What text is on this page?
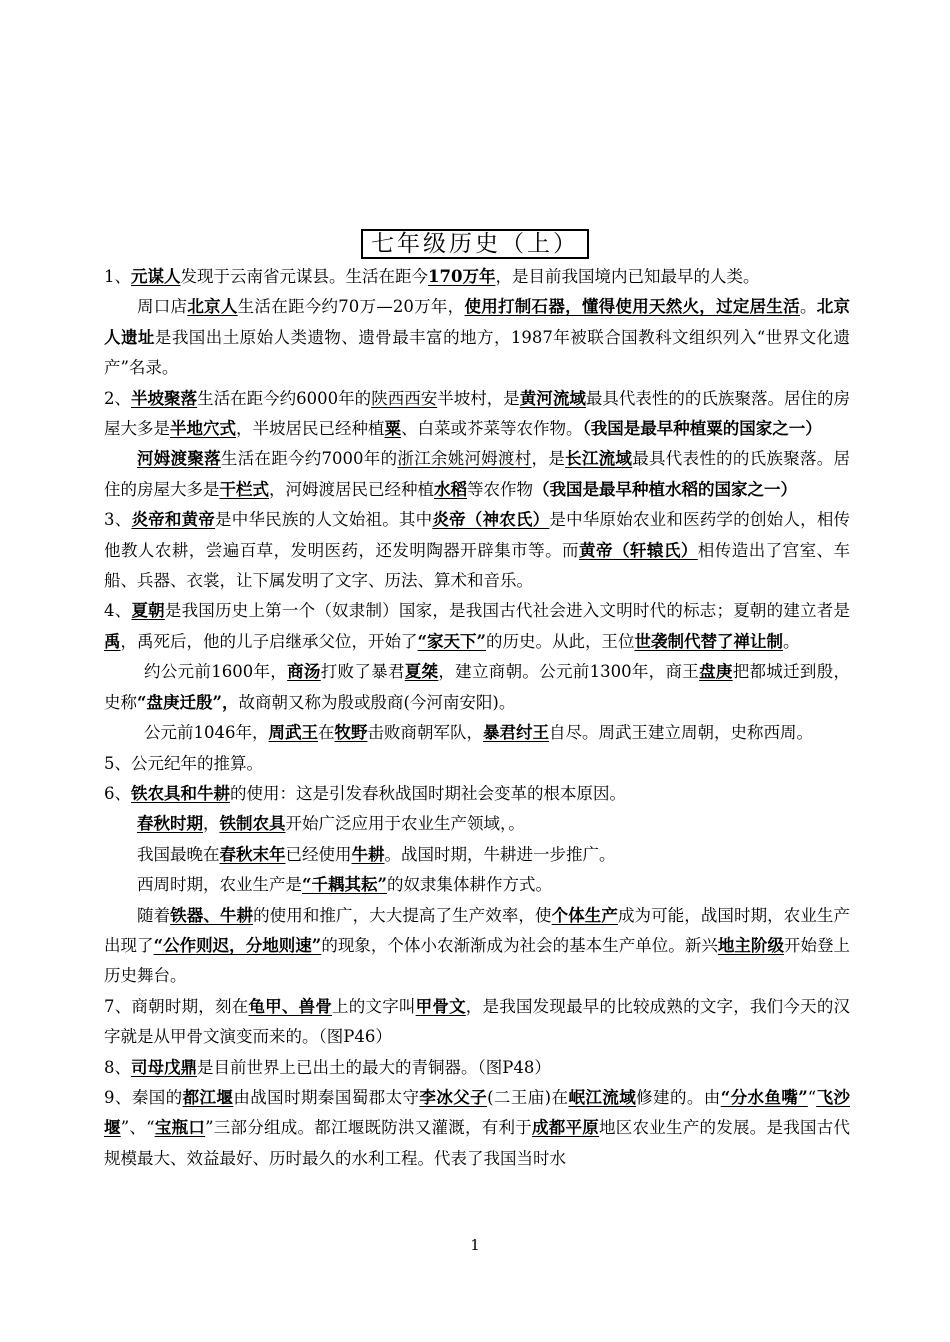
七年级历史（上）

1、元谋人发现于云南省元谋县。生活在距今170万年，是目前我国境内已知最早的人类。

周口店北京人生活在距今约70万—20万年，使用打制石器，懂得使用天然火，过定居生活。北京人遗址是我国出土原始人类遗物、遗骨最丰富的地方，1987年被联合国教科文组织列入“世界文化遗产”名录。

2、半坡聚落生活在距今约6000年的陕西西安半坡村，是黄河流域最具代表性的的氏族聚落。居住的房屋大多是半地穴式，半坡居民已经种植粟、白菜或芥菜等农作物。（我国是最早种植粟的国家之一）

河姆渡聚落生活在距今约7000年的浙江余姚河姆渡村，是长江流域最具代表性的的氏族聚落。居住的房屋大多是干栏式，河姆渡居民已经种植水稻等农作物（我国是最早种植水稻的国家之一）

3、炎帝和黄帝是中华民族的人文始祖。其中炎帝（神农氏）是中华原始农业和医药学的创始人，相传他教人农耕，尝遍百草，发明医药，还发明陶器开辟集市等。而黄帝（轩辕氏）相传造出了宫室、车船、兵器、衣裳，让下属发明了文字、历法、算术和音乐。

4、夏朝是我国历史上第一个（奴隶制）国家，是我国古代社会进入文明时代的标志；夏朝的建立者是禹，禹死后，他的儿子启继承父位，开始了“家天下”的历史。从此，王位世袭制代替了禅让制。

约公元前1600年，商汤打败了暴君夏桀，建立商朝。公元前1300年，商王盘庚把都城迁到殷，史称“盘庚迁殷”，故商朝又称为殷或殷商(今河南安阳)。

公元前1046年，周武王在牧野击败商朝军队，暴君纣王自尽。周武王建立周朝，史称西周。

5、公元纪年的推算。

6、铁农具和牛耕的使用：这是引发春秋战国时期社会变革的根本原因。

春秋时期，铁制农具开始广泛应用于农业生产领域，。

我国最晚在春秋末年已经使用牛耕。战国时期，牛耕进一步推广。

西周时期，农业生产是“千耦其耘”的奴隶集体耕作方式。

随着铁器、牛耕的使用和推广，大大提高了生产效率，使个体生产成为可能，战国时期，农业生产出现了“公作则迟，分地则速”的现象，个体小农渐渐成为社会的基本生产单位。新兴地主阶级开始登上历史舞台。

7、商朝时期，刻在龟甲、兽骨上的文字叫甲骨文，是我国发现最早的比较成熟的文字，我们今天的汉字就是从甲骨文演变而来的。（图P46）

8、司母戊鼎是目前世界上已出土的最大的青铜器。（图P48）

9、秦国的都江堰由战国时期秦国蜀郡太守李冰父子(二王庙)在岷江流域修建的。由“分水鱼嘴”“飞沙堰”、“宝瓶口”三部分组成。都江堰既防洪又灌溉，有利于成都平原地区农业生产的发展。是我国古代规模最大、效益最好、历时最久的水利工程。代表了我国当时水

1
